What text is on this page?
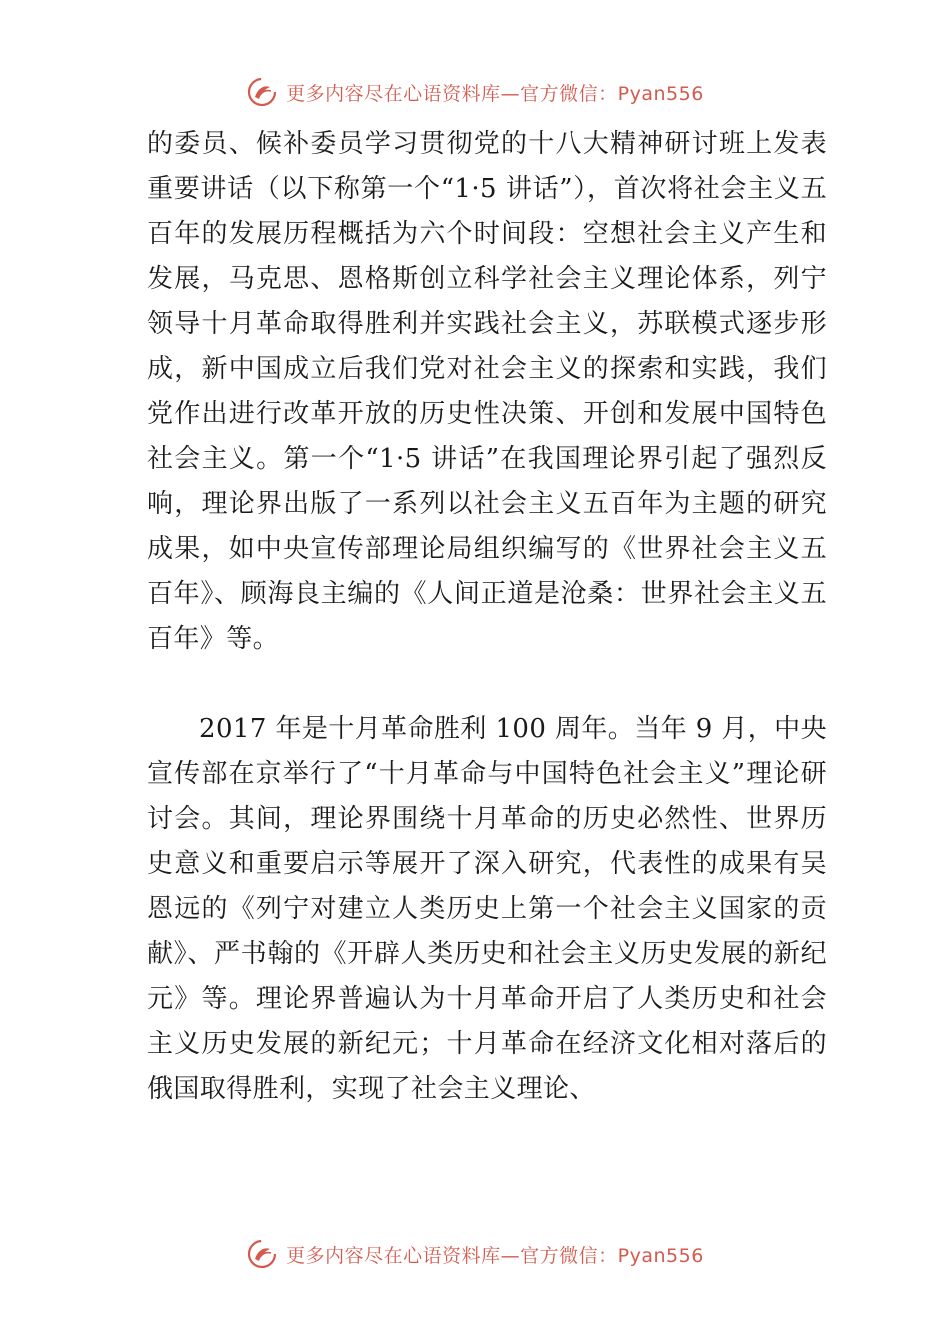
更多内容尽在心语资料库—官方微信：Pyan556

的委员、候补委员学习贯彻党的十八大精神研讨班上发表重要讲话（以下称第一个“1·5 讲话”），首次将社会主义五百年的发展历程概括为六个时间段：空想社会主义产生和发展，马克思、恩格斯创立科学社会主义理论体系，列宁领导十月革命取得胜利并实践社会主义，苏联模式逐步形成，新中国成立后我们党对社会主义的探索和实践，我们党作出进行改革开放的历史性决策、开创和发展中国特色社会主义。第一个“1·5 讲话”在我国理论界引起了强烈反响，理论界出版了一系列以社会主义五百年为主题的研究成果，如中央宣传部理论局组织编写的《世界社会主义五百年》、顾海良主编的《人间正道是沧桑：世界社会主义五百年》等。

2017 年是十月革命胜利 100 周年。当年 9 月，中央宣传部在京举行了“十月革命与中国特色社会主义”理论研讨会。其间，理论界围绕十月革命的历史必然性、世界历史意义和重要启示等展开了深入研究，代表性的成果有吴恩远的《列宁对建立人类历史上第一个社会主义国家的贡献》、严书翰的《开辟人类历史和社会主义历史发展的新纪元》等。理论界普遍认为十月革命开启了人类历史和社会主义历史发展的新纪元；十月革命在经济文化相对落后的俄国取得胜利，实现了社会主义理论、

更多内容尽在心语资料库—官方微信：Pyan556
